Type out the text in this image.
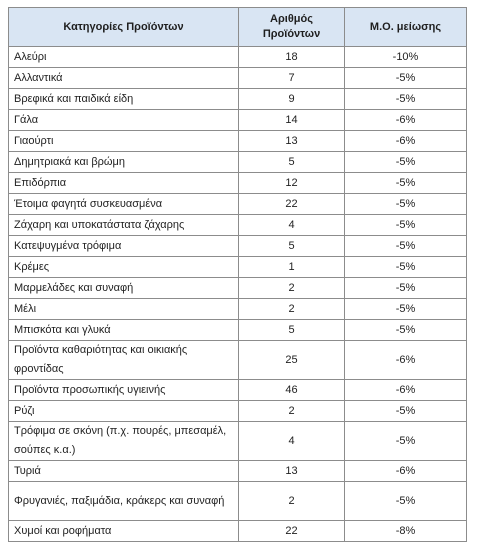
Κατηγορίες Προϊόντων	Αριθμός Προϊόντων	Μ.Ο. μείωσης
Αλεύρι	18	-10%
Αλλαντικά	7	-5%
Βρεφικά και παιδικά είδη	9	-5%
Γάλα	14	-6%
Γιαούρτι	13	-6%
Δημητριακά και βρώμη	5	-5%
Επιδόρπια	12	-5%
Έτοιμα φαγητά συσκευασμένα	22	-5%
Ζάχαρη και υποκατάστατα ζάχαρης	4	-5%
Κατεψυγμένα τρόφιμα	5	-5%
Κρέμες	1	-5%
Μαρμελάδες και συναφή	2	-5%
Μέλι	2	-5%
Μπισκότα και γλυκά	5	-5%
Προϊόντα καθαριότητας και οικιακής φροντίδας	25	-6%
Προϊόντα προσωπικής υγιεινής	46	-6%
Ρύζι	2	-5%
Τρόφιμα σε σκόνη (π.χ. πουρές, μπεσαμέλ, σούπες κ.α.)	4	-5%
Τυριά	13	-6%
Φρυγανιές, παξιμάδια, κράκερς και συναφή	2	-5%
Χυμοί και ροφήματα	22	-8%
